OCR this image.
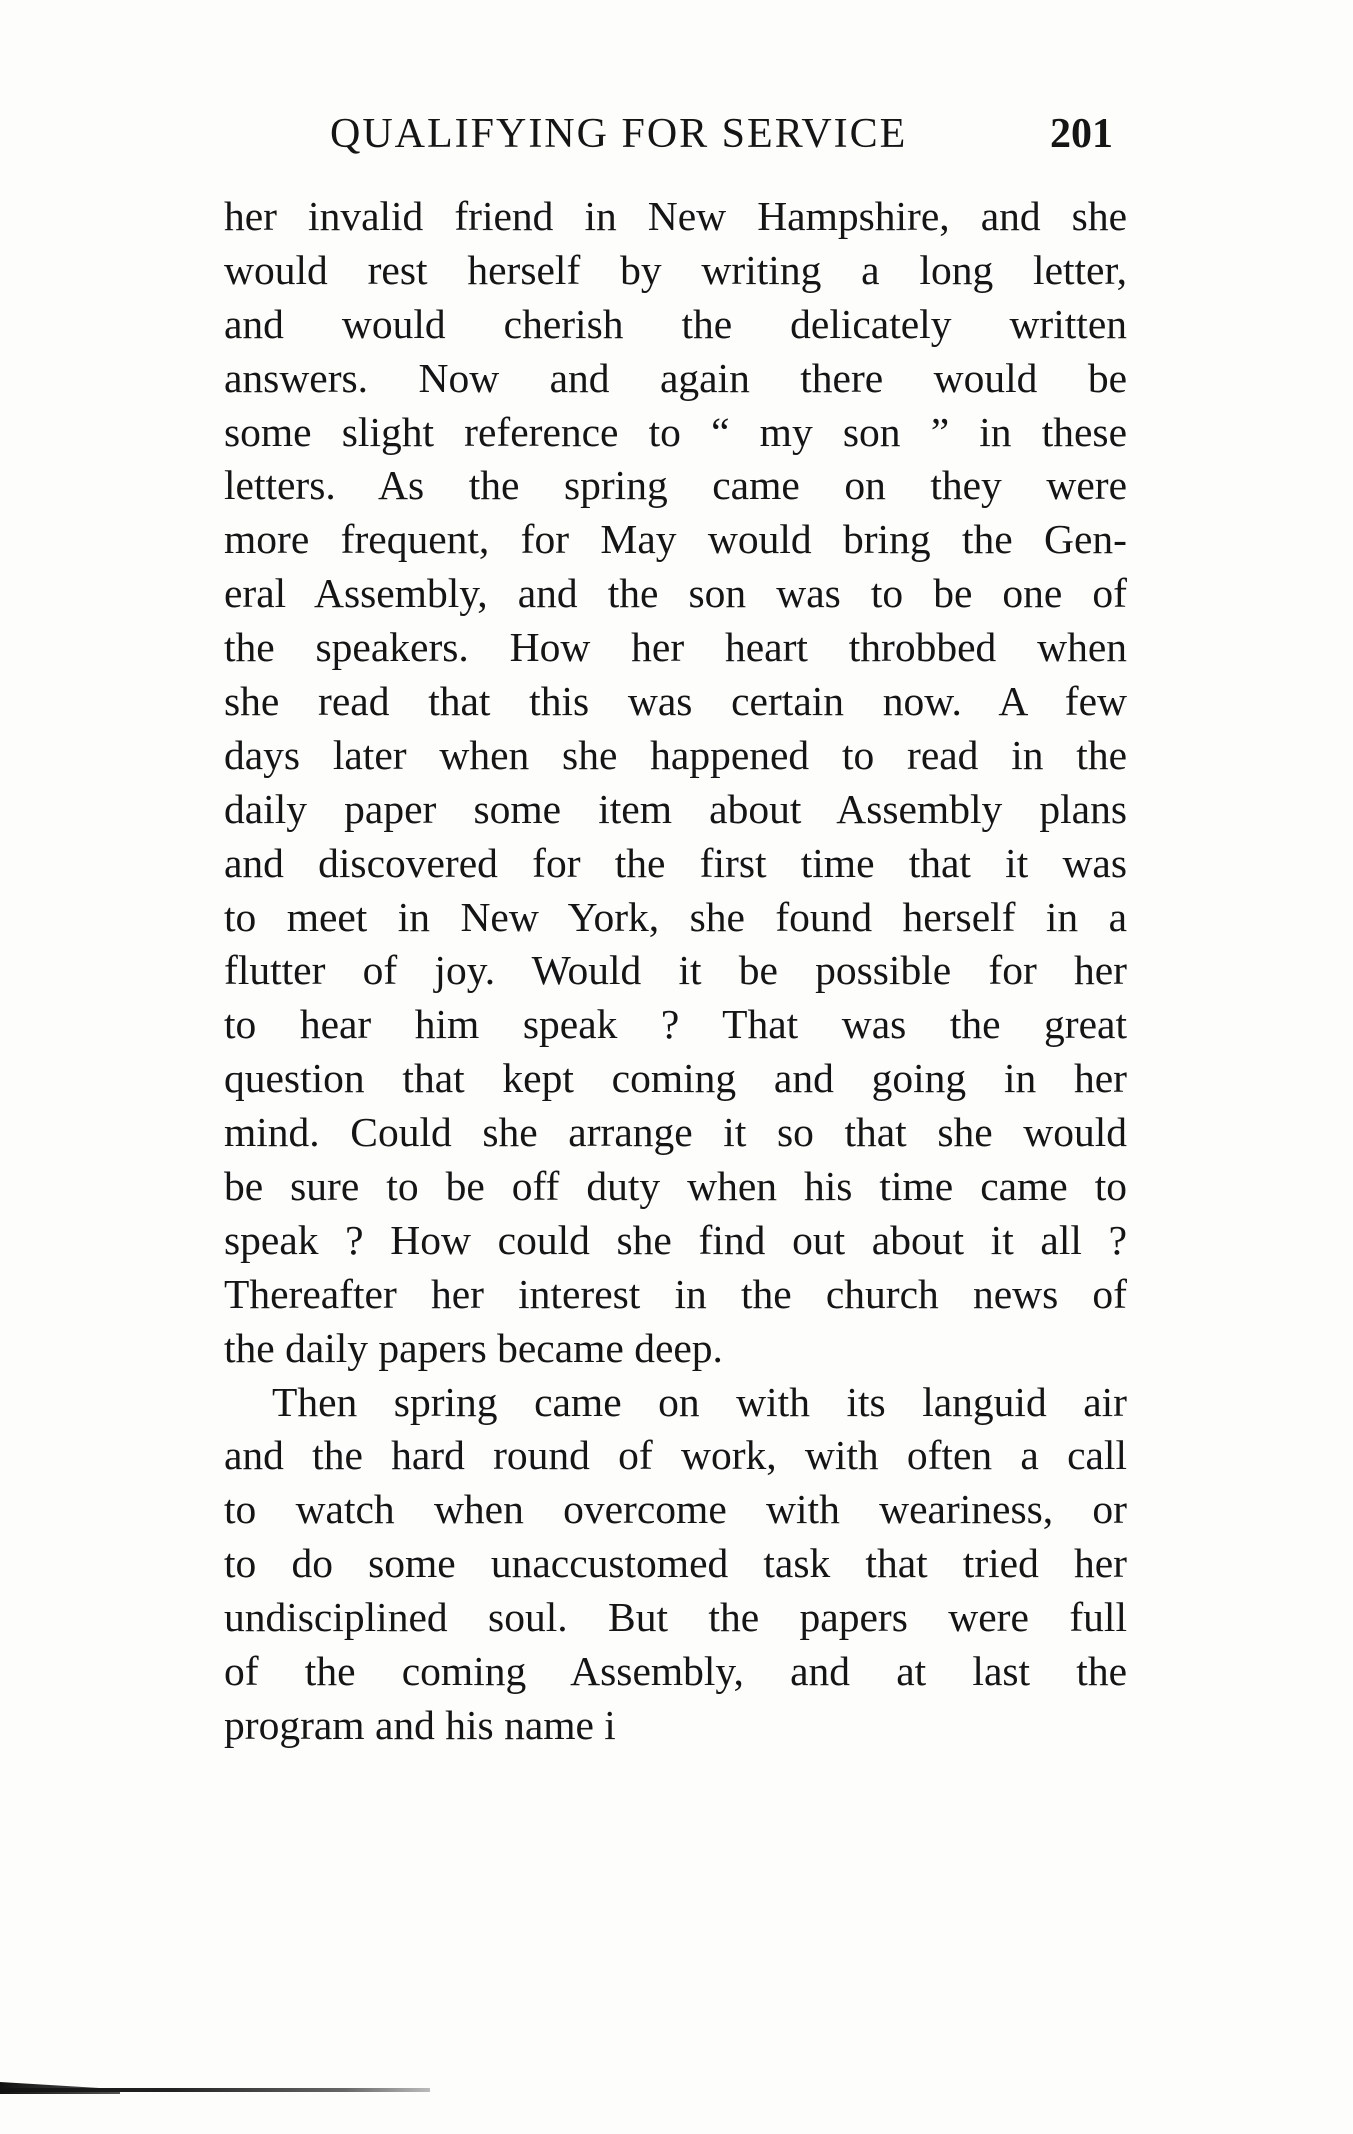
QUALIFYING FOR SERVICE	201
her invalid friend in New Hampshire, and she
would rest herself by writing a long letter,
and would cherish the delicately written
answers. Now and again there would be
some slight reference to “ my son ” in these
letters. As the spring came on they were
more frequent, for May would bring the Gen-
eral Assembly, and the son was to be one of
the speakers. How her heart throbbed when
she read that this was certain now. A few
days later when she happened to read in the
daily paper some item about Assembly plans
and discovered for the first time that it was
to meet in New York, she found herself in a
flutter of joy. Would it be possible for her
to hear him speak ? That was the great
question that kept coming and going in her
mind. Could she arrange it so that she would
be sure to be off duty when his time came to
speak ? How could she find out about it all ?
Thereafter her interest in the church news of
the daily papers became deep.
Then spring came on with its languid air
and the hard round of work, with often a call
to watch when overcome with weariness, or
to do some unaccustomed task that tried her
undisciplined soul. But the papers were full
of the coming Assembly, and at last the
program and his name i
